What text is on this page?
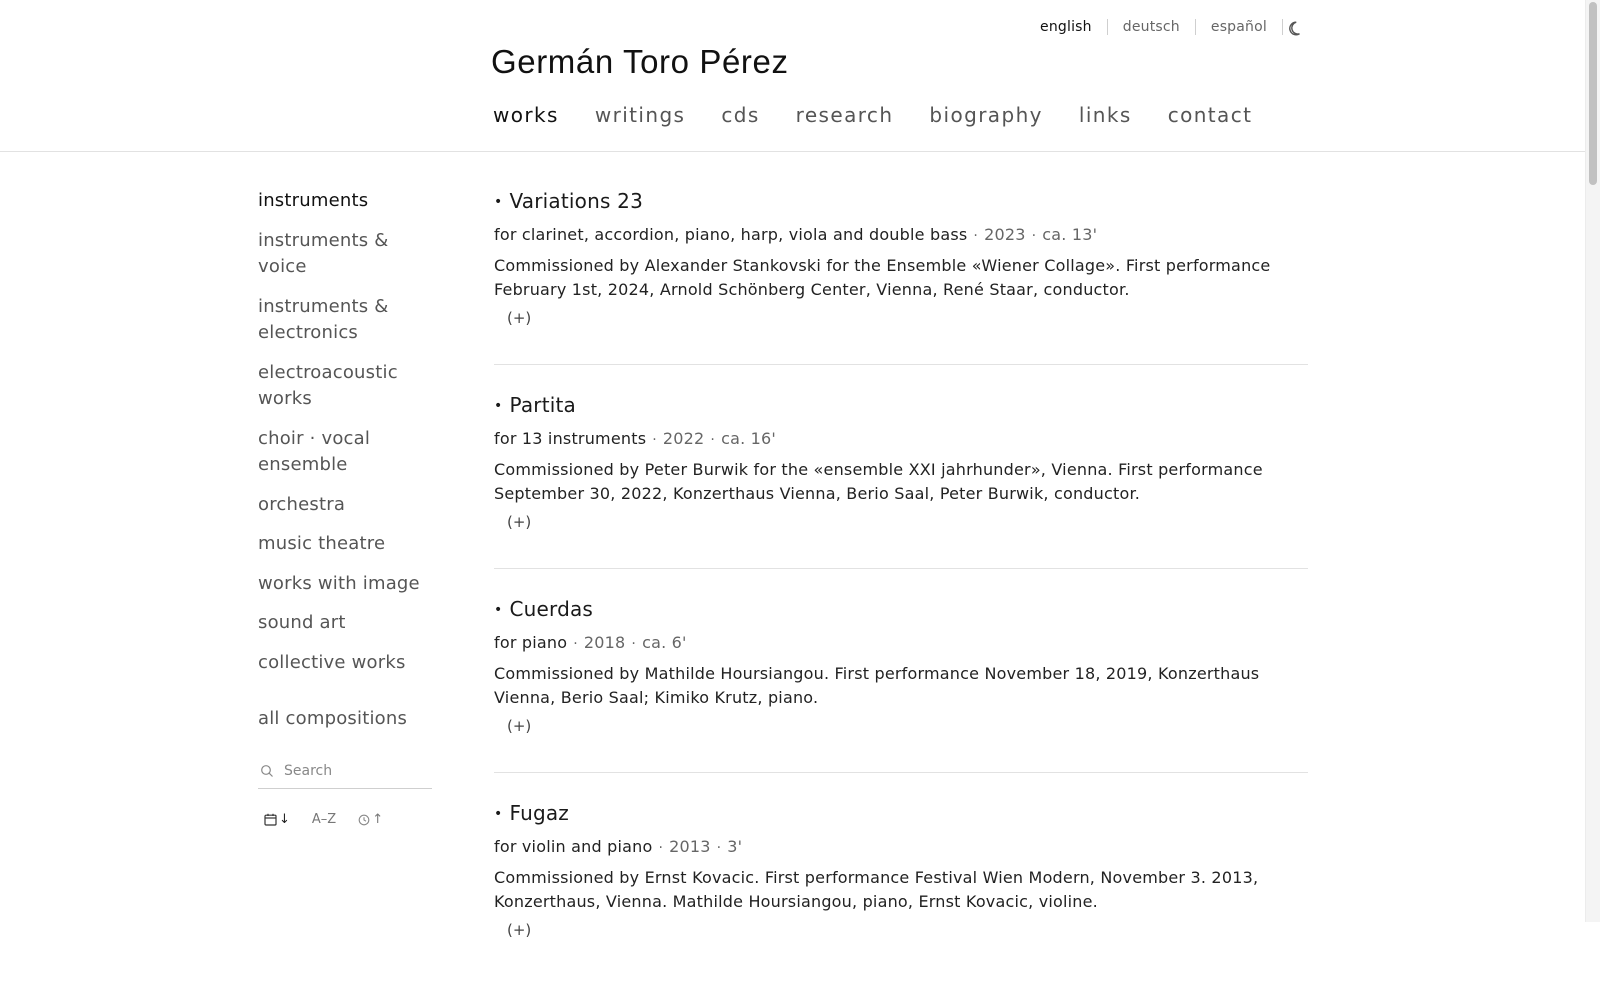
english deutsch español
Germán Toro Pérez
works writings cds research biography links contact
instruments
instruments & voice
instruments & electronics
electroacoustic works
choir · vocal ensemble
orchestra
music theatre
works with image
sound art
collective works
all compositions
Search
↓ A–Z	↑
• Variations 23
for clarinet, accordion, piano, harp, viola and double bass · 2023 · ca. 13'
Commissioned by Alexander Stankovski for the Ensemble «Wiener Collage». First performance February 1st, 2024, Arnold Schönberg Center, Vienna, René Staar, conductor.
(+)
• Partita
for 13 instruments · 2022 · ca. 16'
Commissioned by Peter Burwik for the «ensemble XXI jahrhunder», Vienna. First performance September 30, 2022, Konzerthaus Vienna, Berio Saal, Peter Burwik, conductor.
(+)
• Cuerdas
for piano · 2018 · ca. 6'
Commissioned by Mathilde Hoursiangou. First performance November 18, 2019, Konzerthaus Vienna, Berio Saal; Kimiko Krutz, piano.
(+)
• Fugaz
for violin and piano · 2013 · 3'
Commissioned by Ernst Kovacic. First performance Festival Wien Modern, November 3. 2013, Konzerthaus, Vienna. Mathilde Hoursiangou, piano, Ernst Kovacic, violine.
(+)
